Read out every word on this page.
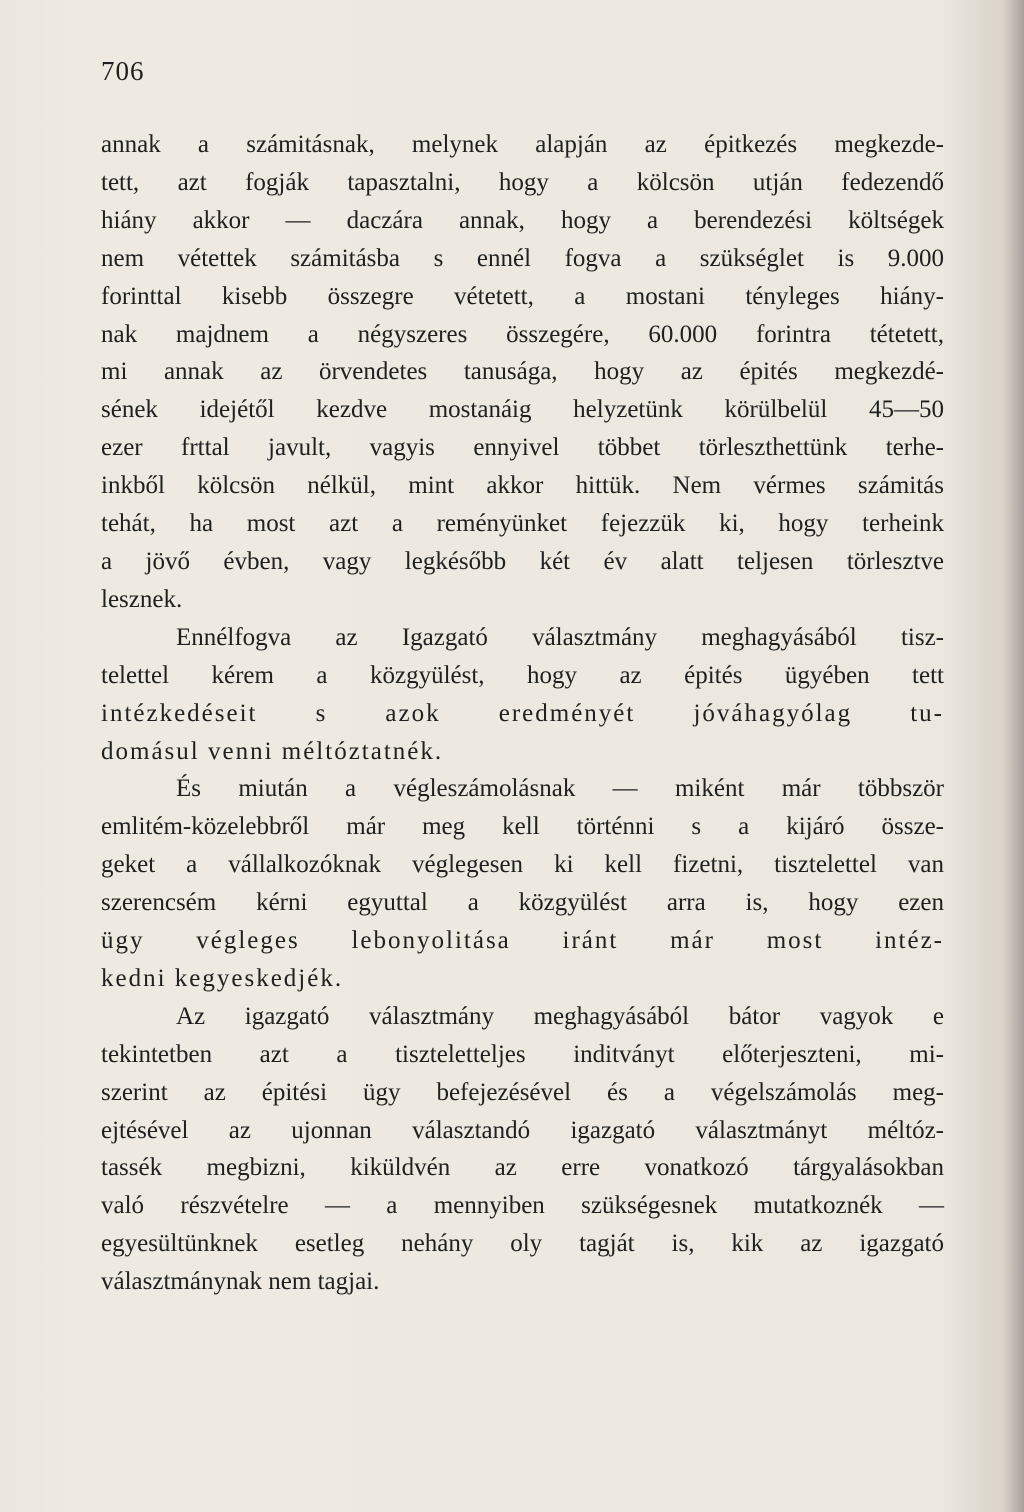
706
annak a számitásnak, melynek alapján az épitkezés megkezde-
tett, azt fogják tapasztalni, hogy a kölcsön utján fedezendő
hiány akkor — daczára annak, hogy a berendezési költségek
nem vétettek számitásba s ennél fogva a szükséglet is 9.000
forinttal kisebb összegre vétetett, a mostani tényleges hiány-
nak majdnem a négyszeres összegére, 60.000 forintra tétetett,
mi annak az örvendetes tanusága, hogy az épités megkezdé-
sének idejétől kezdve mostanáig helyzetünk körülbelül 45—50
ezer frttal javult, vagyis ennyivel többet törleszthettünk terhe-
inkből kölcsön nélkül, mint akkor hittük. Nem vérmes számitás
tehát, ha most azt a reményünket fejezzük ki, hogy terheink
a jövő évben, vagy legkésőbb két év alatt teljesen törlesztve
lesznek.
Ennélfogva az Igazgató választmány meghagyásából tisz-
telettel kérem a közgyülést, hogy az épités ügyében tett
intézkedéseit s azok eredményét jóváhagyólag tu-
domásul venni méltóztatnék.
És miután a végleszámolásnak — miként már többször
emlitém-közelebbről már meg kell történni s a kijáró össze-
geket a vállalkozóknak véglegesen ki kell fizetni, tisztelettel van
szerencsém kérni egyuttal a közgyülést arra is, hogy ezen
ügy végleges lebonyolitása iránt már most intéz-
kedni kegyeskedjék.
Az igazgató választmány meghagyásából bátor vagyok e
tekintetben azt a tiszteletteljes inditványt előterjeszteni, mi-
szerint az épitési ügy befejezésével és a végelszámolás meg-
ejtésével az ujonnan választandó igazgató választmányt méltóz-
tassék megbizni, kiküldvén az erre vonatkozó tárgyalásokban
való részvételre — a mennyiben szükségesnek mutatkoznék —
egyesültünknek esetleg nehány oly tagját is, kik az igazgató
választmánynak nem tagjai.
